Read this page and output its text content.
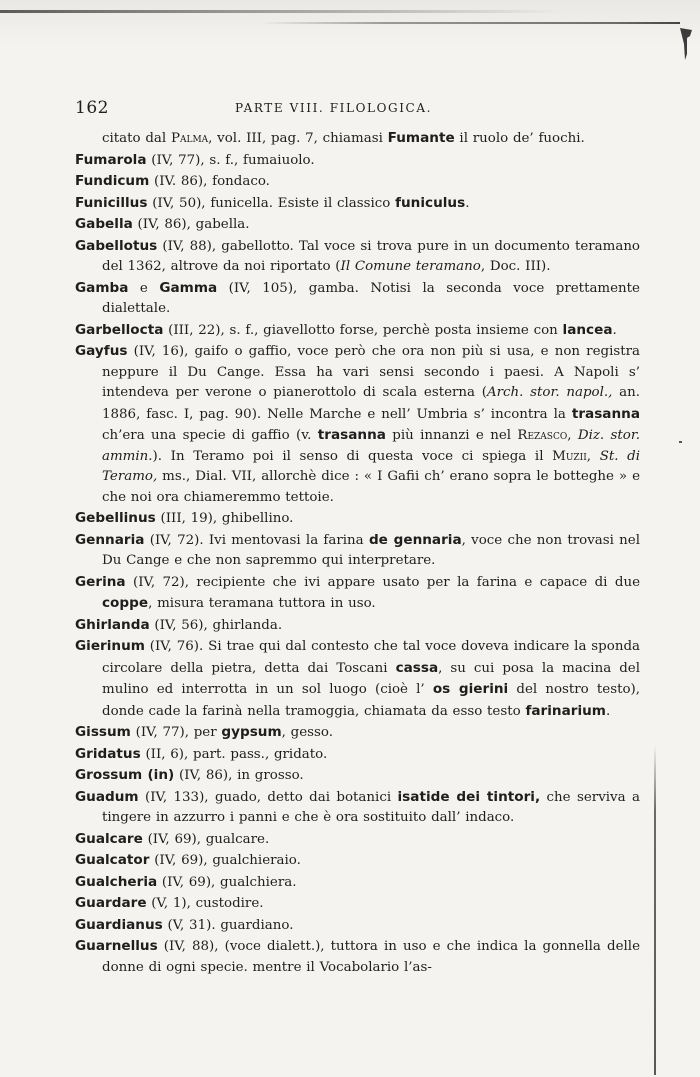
162	PARTE VIII. FILOLOGICA.
citato dal Palma, vol. III, pag. 7, chiamasi Fumante il ruolo de’ fuochi.
Fumarola (IV, 77), s. f., fumaiuolo.
Fundicum (IV. 86), fondaco.
Funicillus (IV, 50), funicella. Esiste il classico funiculus.
Gabella (IV, 86), gabella.
Gabellotus (IV, 88), gabellotto. Tal voce si trova pure in un documento teramano del 1362, altrove da noi riportato (Il Comune teramano, Doc. III).
Gamba e Gamma (IV, 105), gamba. Notisi la seconda voce prettamente dialettale.
Garbellocta (III, 22), s. f., giavellotto forse, perchè posta insieme con lancea.
Gayfus (IV, 16), gaifo o gaffio, voce però che ora non più si usa, e non registra neppure il Du Cange. Essa ha vari sensi secondo i paesi. A Napoli s’ intendeva per verone o pianerottolo di scala esterna (Arch. stor. napol., an. 1886, fasc. I, pag. 90). Nelle Marche e nell’ Umbria s’ incontra la trasanna ch’era una specie di gaffio (v. trasanna più innanzi e nel Rezasco, Diz. stor. ammin.). In Teramo poi il senso di questa voce ci spiega il Muzii, St. di Teramo, ms., Dial. VII, allorchè dice : « I Gafii ch’ erano sopra le botteghe » e che noi ora chiameremmo tettoie.
Gebellinus (III, 19), ghibellino.
Gennaria (IV, 72). Ivi mentovasi la farina de gennaria, voce che non trovasi nel Du Cange e che non sapremmo qui interpretare.
Gerina (IV, 72), recipiente che ivi appare usato per la farina e capace di due coppe, misura teramana tuttora in uso.
Ghirlanda (IV, 56), ghirlanda.
Gierinum (IV, 76). Si trae qui dal contesto che tal voce doveva indicare la sponda circolare della pietra, detta dai Toscani cassa, su cui posa la macina del mulino ed interrotta in un sol luogo (cioè l’ os gierini del nostro testo), donde cade la farinà nella tramoggia, chiamata da esso testo farinarium.
Gissum (IV, 77), per gypsum, gesso.
Gridatus (II, 6), part. pass., gridato.
Grossum (in) (IV, 86), in grosso.
Guadum (IV, 133), guado, detto dai botanici isatide dei tintori, che serviva a tingere in azzurro i panni e che è ora sostituito dall’ indaco.
Gualcare (IV, 69), gualcare.
Gualcator (IV, 69), gualchieraio.
Gualcheria (IV, 69), gualchiera.
Guardare (V, 1), custodire.
Guardianus (V, 31). guardiano.
Guarnellus (IV, 88), (voce dialett.), tuttora in uso e che indica la gonnella delle donne di ogni specie. mentre il Vocabolario l’as-
